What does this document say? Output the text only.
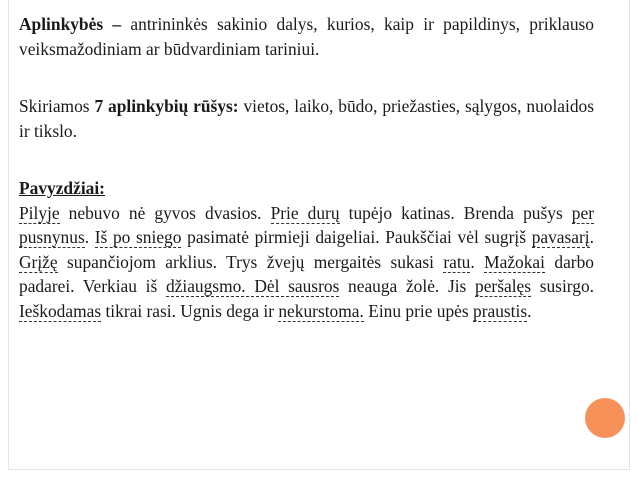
Aplinkybės – antrininkės sakinio dalys, kurios, kaip ir papildinys, priklauso veiksmažodiniam ar būdvardiniam tariniui.

Skiriamos 7 aplinkybių rūšys: vietos, laiko, būdo, priežasties, sąlygos, nuolaidos ir tikslo.

Pavyzdžiai:

Pilyje nebuvo nė gyvos dvasios. Prie durų tupėjo katinas. Brenda pušys per pusnynus. Iš po sniego pasimatė pirmieji daigeliai. Paukščiai vėl sugrįš pavasarį. Grįžę supančiojom arklius. Trys žvejų mergaitės sukasi ratu. Mažokai darbo padarei. Verkiau iš džiaugsmo. Dėl sausros neauga žolė. Jis peršalęs susirgo. Ieškodamas tikrai rasi. Ugnis dega ir nekurstoma. Einu prie upės praustis.
